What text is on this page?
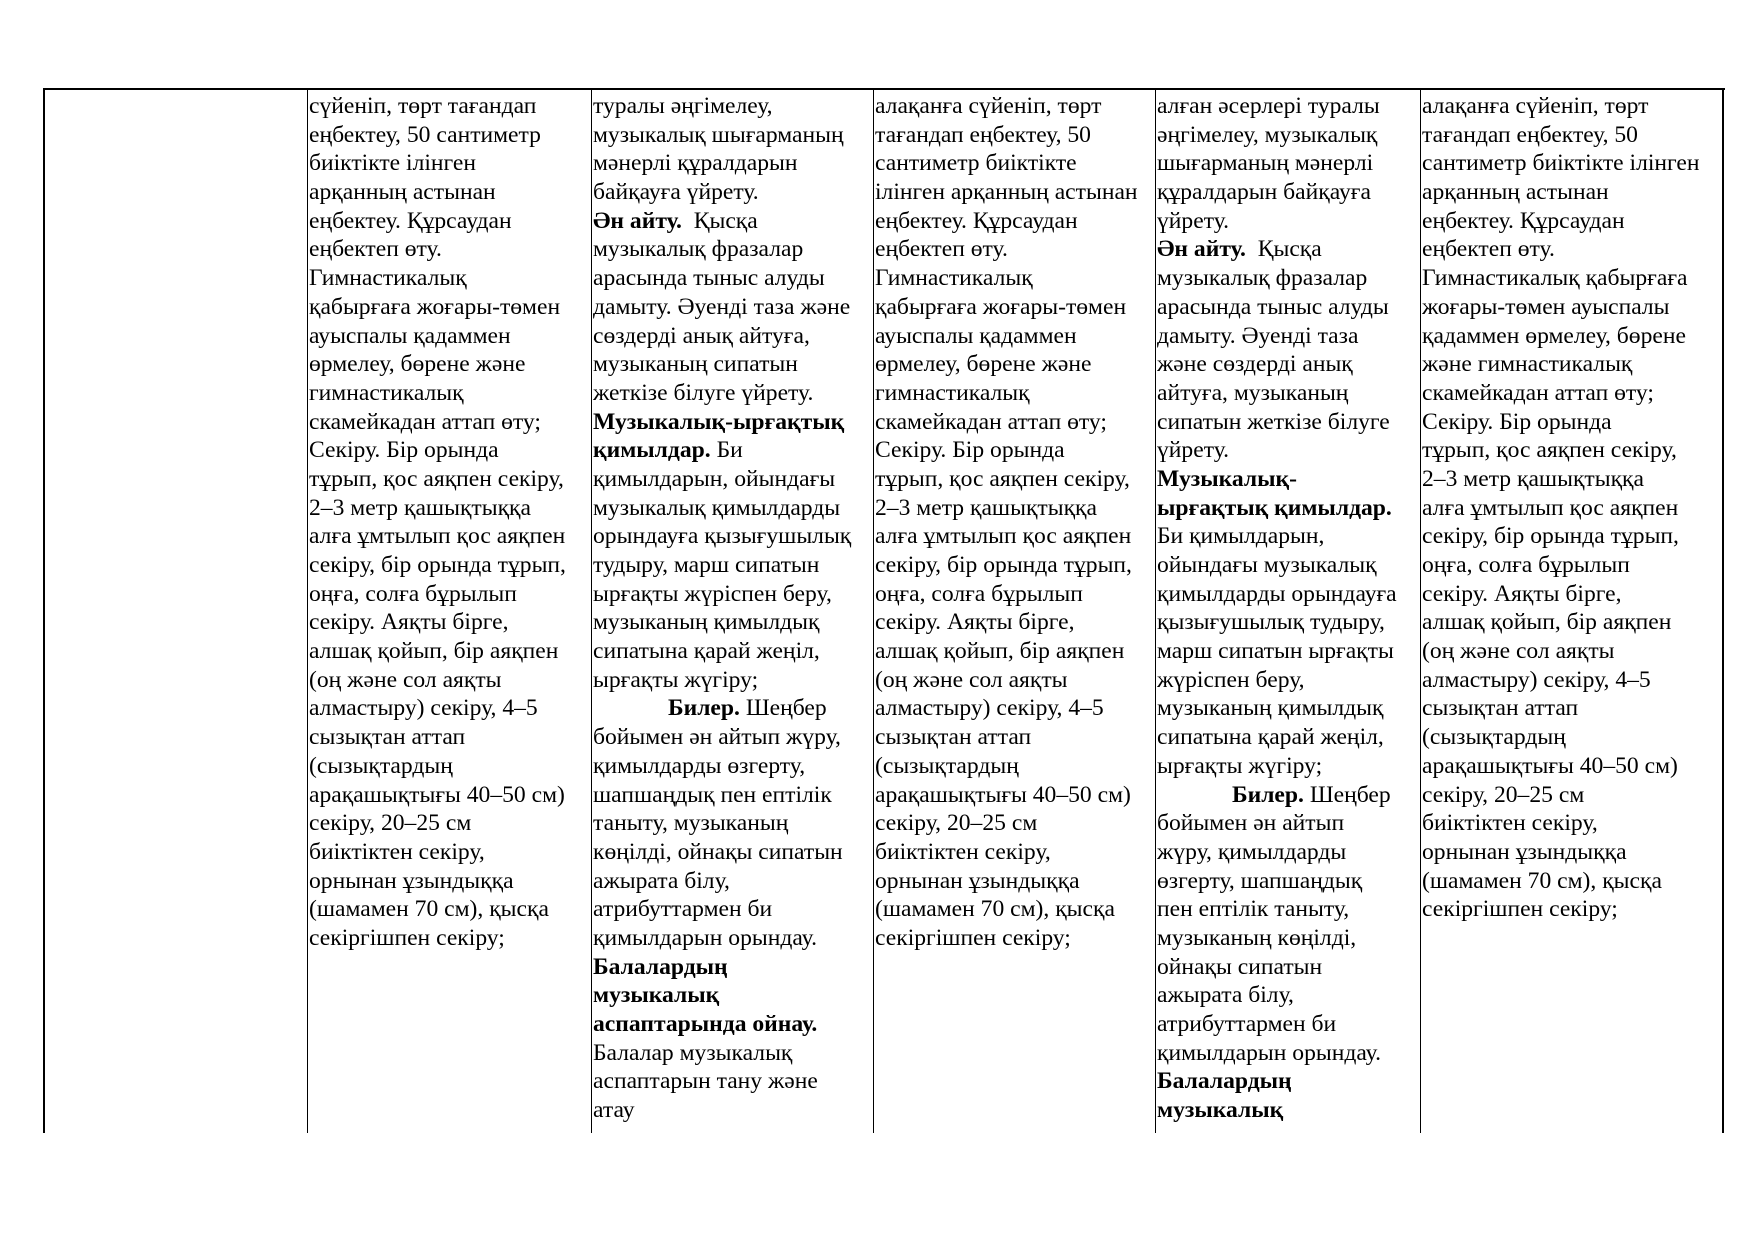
сүйеніп, төрт тағандап
еңбектеу, 50 сантиметр
биіктікте ілінген
арқанның астынан
еңбектеу. Құрсаудан
еңбектеп өту.
Гимнастикалық
қабырғаға жоғары-төмен
ауыспалы қадаммен
өрмелеу, бөрене және
гимнастикалық
скамейкадан аттап өту;
Секіру. Бір орында
тұрып, қос аяқпен секіру,
2–3 метр қашықтыққа
алға ұмтылып қос аяқпен
секіру, бір орында тұрып,
оңға, солға бұрылып
секіру. Аяқты бірге,
алшақ қойып, бір аяқпен
(оң және сол аяқты
алмастыру) секіру, 4–5
сызықтан аттап
(сызықтардың
арақашықтығы 40–50 см)
секіру, 20–25 см
биіктіктен секіру,
орнынан ұзындыққа
(шамамен 70 см), қысқа
секіргішпен секіру;
туралы әңгімелеу,
музыкалық шығарманың
мәнерлі құралдарын
байқауға үйрету.
Ән айту.  Қысқа
музыкалық фразалар
арасында тыныс алуды
дамыту. Әуенді таза және
сөздерді анық айтуға,
музыканың сипатын
жеткізе білуге үйрету.
Музыкалық-ырғақтық
қимылдар. Би
қимылдарын, ойындағы
музыкалық қимылдарды
орындауға қызығушылық
тудыру, марш сипатын
ырғақты жүріспен беру,
музыканың қимылдық
сипатына қарай жеңіл,
ырғақты жүгіру;
Билер. Шеңбер
бойымен ән айтып жүру,
қимылдарды өзгерту,
шапшаңдық пен ептілік
таныту, музыканың
көңілді, ойнақы сипатын
ажырата білу,
атрибуттармен би
қимылдарын орындау.
Балалардың
музыкалық
аспаптарында ойнау.
Балалар музыкалық
аспаптарын тану және
атау
алақанға сүйеніп, төрт
тағандап еңбектеу, 50
сантиметр биіктікте
ілінген арқанның астынан
еңбектеу. Құрсаудан
еңбектеп өту.
Гимнастикалық
қабырғаға жоғары-төмен
ауыспалы қадаммен
өрмелеу, бөрене және
гимнастикалық
скамейкадан аттап өту;
Секіру. Бір орында
тұрып, қос аяқпен секіру,
2–3 метр қашықтыққа
алға ұмтылып қос аяқпен
секіру, бір орында тұрып,
оңға, солға бұрылып
секіру. Аяқты бірге,
алшақ қойып, бір аяқпен
(оң және сол аяқты
алмастыру) секіру, 4–5
сызықтан аттап
(сызықтардың
арақашықтығы 40–50 см)
секіру, 20–25 см
биіктіктен секіру,
орнынан ұзындыққа
(шамамен 70 см), қысқа
секіргішпен секіру;
алған әсерлері туралы
әңгімелеу, музыкалық
шығарманың мәнерлі
құралдарын байқауға
үйрету.
Ән айту.  Қысқа
музыкалық фразалар
арасында тыныс алуды
дамыту. Әуенді таза
және сөздерді анық
айтуға, музыканың
сипатын жеткізе білуге
үйрету.
Музыкалық-
ырғақтық қимылдар.
Би қимылдарын,
ойындағы музыкалық
қимылдарды орындауға
қызығушылық тудыру,
марш сипатын ырғақты
жүріспен беру,
музыканың қимылдық
сипатына қарай жеңіл,
ырғақты жүгіру;
Билер. Шеңбер
бойымен ән айтып
жүру, қимылдарды
өзгерту, шапшаңдық
пен ептілік таныту,
музыканың көңілді,
ойнақы сипатын
ажырата білу,
атрибуттармен би
қимылдарын орындау.
Балалардың
музыкалық
алақанға сүйеніп, төрт
тағандап еңбектеу, 50
сантиметр биіктікте ілінген
арқанның астынан
еңбектеу. Құрсаудан
еңбектеп өту.
Гимнастикалық қабырғаға
жоғары-төмен ауыспалы
қадаммен өрмелеу, бөрене
және гимнастикалық
скамейкадан аттап өту;
Секіру. Бір орында
тұрып, қос аяқпен секіру,
2–3 метр қашықтыққа
алға ұмтылып қос аяқпен
секіру, бір орында тұрып,
оңға, солға бұрылып
секіру. Аяқты бірге,
алшақ қойып, бір аяқпен
(оң және сол аяқты
алмастыру) секіру, 4–5
сызықтан аттап
(сызықтардың
арақашықтығы 40–50 см)
секіру, 20–25 см
биіктіктен секіру,
орнынан ұзындыққа
(шамамен 70 см), қысқа
секіргішпен секіру;
